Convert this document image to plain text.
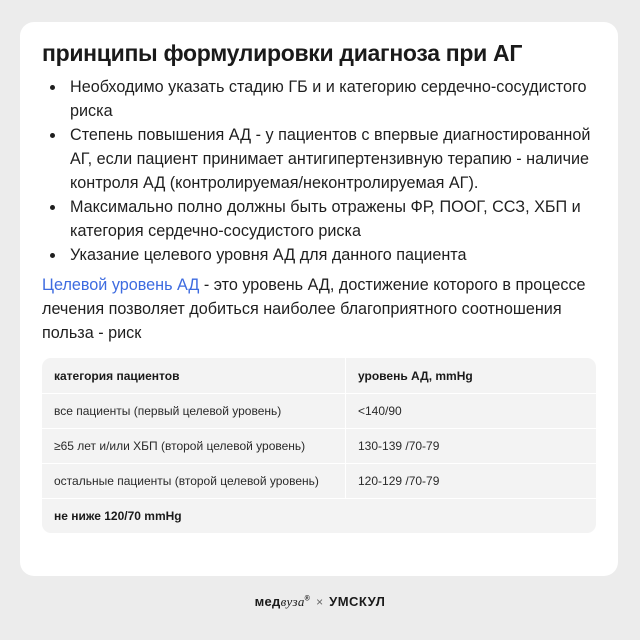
принципы формулировки диагноза при АГ
Необходимо указать стадию ГБ и и категорию сердечно-сосудистого риска
Степень повышения АД - у пациентов с впервые диагностированной АГ, если пациент принимает антигипертензивную терапию - наличие контроля АД (контролируемая/неконтролируемая АГ).
Максимально полно должны быть отражены ФР, ПООГ, ССЗ, ХБП и категория сердечно-сосудистого риска
Указание целевого уровня АД для данного пациента

Целевой уровень АД - это уровень АД, достижение которого в процессе лечения позволяет добиться наиболее благоприятного соотношения польза - риск

категория пациентов	уровень АД, mmHg
все пациенты (первый целевой уровень)	<140/90
≥65 лет и/или ХБП (второй целевой уровень)	130-139 /70-79
остальные пациенты (второй целевой уровень)	120-129 /70-79
не ниже 120/70 mmHg	
медвуза® × УМСКУЛ
